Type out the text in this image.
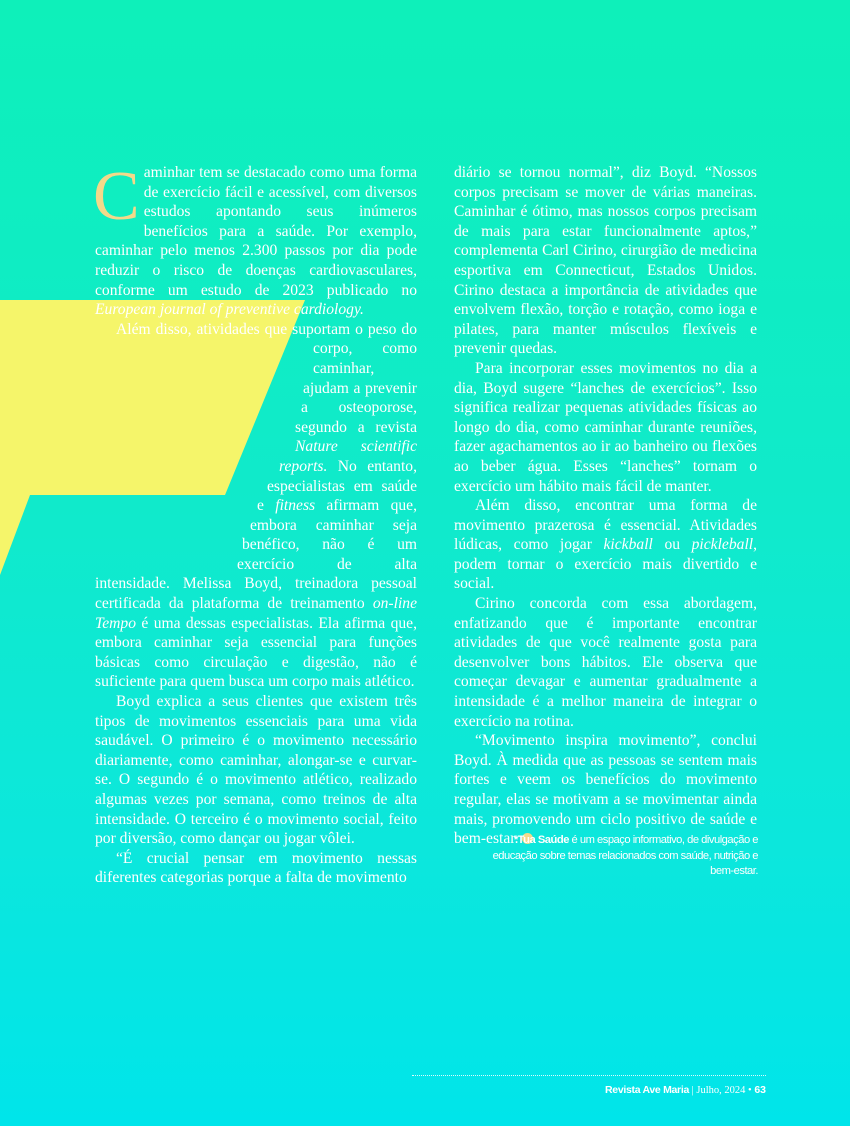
C aminhar tem se destacado como uma forma de exercício fácil e acessível, com diversos estudos apontando seus inúmeros benefícios para a saúde. Por exemplo, caminhar pelo menos 2.300 passos por dia pode reduzir o risco de doenças cardiovasculares, conforme um estudo de 2023 publicado no European journal of preventive cardiology.

Além disso, atividades que suportam o peso do corpo, como caminhar, ajudam a prevenir a osteoporose, segundo a revista Nature scientific reports. No entanto, especialistas em saúde e fitness afirmam que, embora caminhar seja benéfico, não é um exercício de alta intensidade. Melissa Boyd, treinadora pessoal certificada da plataforma de treinamento on-line Tempo é uma dessas especialistas. Ela afirma que, embora caminhar seja essencial para funções básicas como circulação e digestão, não é suficiente para quem busca um corpo mais atlético.

Boyd explica a seus clientes que existem três tipos de movimentos essenciais para uma vida saudável. O primeiro é o movimento necessário diariamente, como caminhar, alongar-se e curvar-se. O segundo é o movimento atlético, realizado algumas vezes por semana, como treinos de alta intensidade. O terceiro é o movimento social, feito por diversão, como dançar ou jogar vôlei.

“É crucial pensar em movimento nessas diferentes categorias porque a falta de movimento

diário se tornou normal”, diz Boyd. “Nossos corpos precisam se mover de várias maneiras. Caminhar é ótimo, mas nossos corpos precisam de mais para estar funcionalmente aptos,” complementa Carl Cirino, cirurgião de medicina esportiva em Connecticut, Estados Unidos. Cirino destaca a importância de atividades que envolvem flexão, torção e rotação, como ioga e pilates, para manter músculos flexíveis e prevenir quedas.

Para incorporar esses movimentos no dia a dia, Boyd sugere “lanches de exercícios”. Isso significa realizar pequenas atividades físicas ao longo do dia, como caminhar durante reuniões, fazer agachamentos ao ir ao banheiro ou flexões ao beber água. Esses “lanches” tornam o exercício um hábito mais fácil de manter.

Além disso, encontrar uma forma de movimento prazerosa é essencial. Atividades lúdicas, como jogar kickball ou pickleball, podem tornar o exercício mais divertido e social.

Cirino concorda com essa abordagem, enfatizando que é importante encontrar atividades de que você realmente gosta para desenvolver bons hábitos. Ele observa que começar devagar e aumentar gradualmente a intensidade é a melhor maneira de integrar o exercício na rotina.

“Movimento inspira movimento”, conclui Boyd. À medida que as pessoas se sentem mais fortes e veem os benefícios do movimento regular, elas se motivam a se movimentar ainda mais, promovendo um ciclo positivo de saúde e bem-estar.

*Tua Saúde é um espaço informativo, de divulgação e educação sobre temas relacionados com saúde, nutrição e bem-estar.
Revista Ave Maria | Julho, 2024 • 63
